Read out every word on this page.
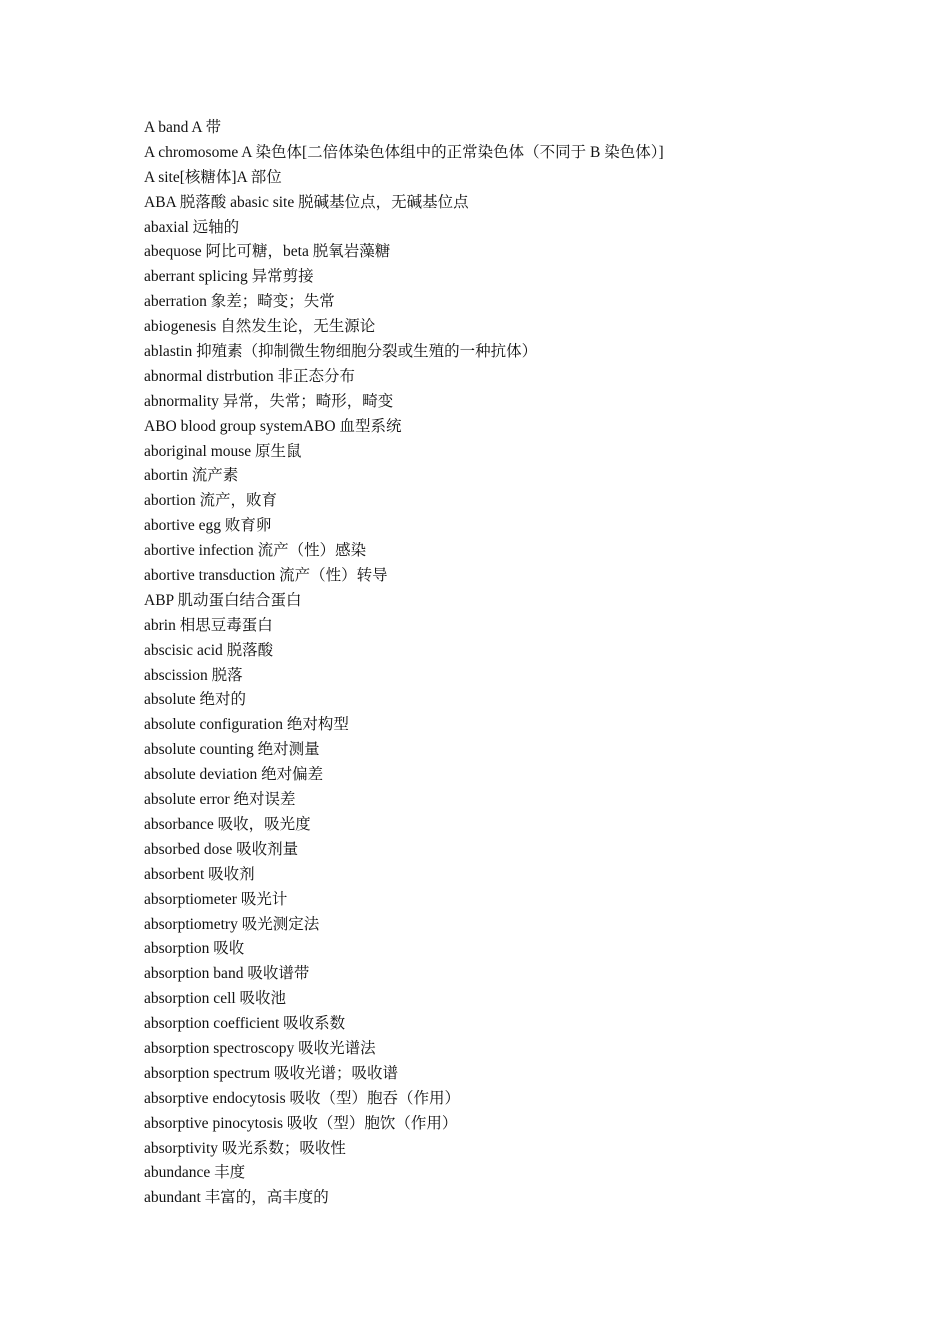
A band A 带
A chromosome A 染色体[二倍体染色体组中的正常染色体（不同于 B 染色体）]
A site[核糖体]A 部位
ABA 脱落酸 abasic site 脱碱基位点，无碱基位点
abaxial 远轴的
abequose 阿比可糖，beta 脱氧岩藻糖
aberrant splicing 异常剪接
aberration 象差；畸变；失常
abiogenesis 自然发生论，无生源论
ablastin 抑殖素（抑制微生物细胞分裂或生殖的一种抗体）
abnormal distrbution 非正态分布
abnormality 异常，失常；畸形，畸变
ABO blood group systemABO 血型系统
aboriginal mouse 原生鼠
abortin 流产素
abortion 流产，败育
abortive egg 败育卵
abortive infection 流产（性）感染
abortive transduction 流产（性）转导
ABP 肌动蛋白结合蛋白
abrin 相思豆毒蛋白
abscisic acid 脱落酸
abscission 脱落
absolute 绝对的
absolute configuration 绝对构型
absolute counting 绝对测量
absolute deviation 绝对偏差
absolute error 绝对误差
absorbance 吸收，吸光度
absorbed dose 吸收剂量
absorbent 吸收剂
absorptiometer 吸光计
absorptiometry 吸光测定法
absorption 吸收
absorption band 吸收谱带
absorption cell 吸收池
absorption coefficient 吸收系数
absorption spectroscopy 吸收光谱法
absorption spectrum 吸收光谱；吸收谱
absorptive endocytosis 吸收（型）胞吞（作用）
absorptive pinocytosis 吸收（型）胞饮（作用）
absorptivity 吸光系数；吸收性
abundance 丰度
abundant 丰富的，高丰度的
